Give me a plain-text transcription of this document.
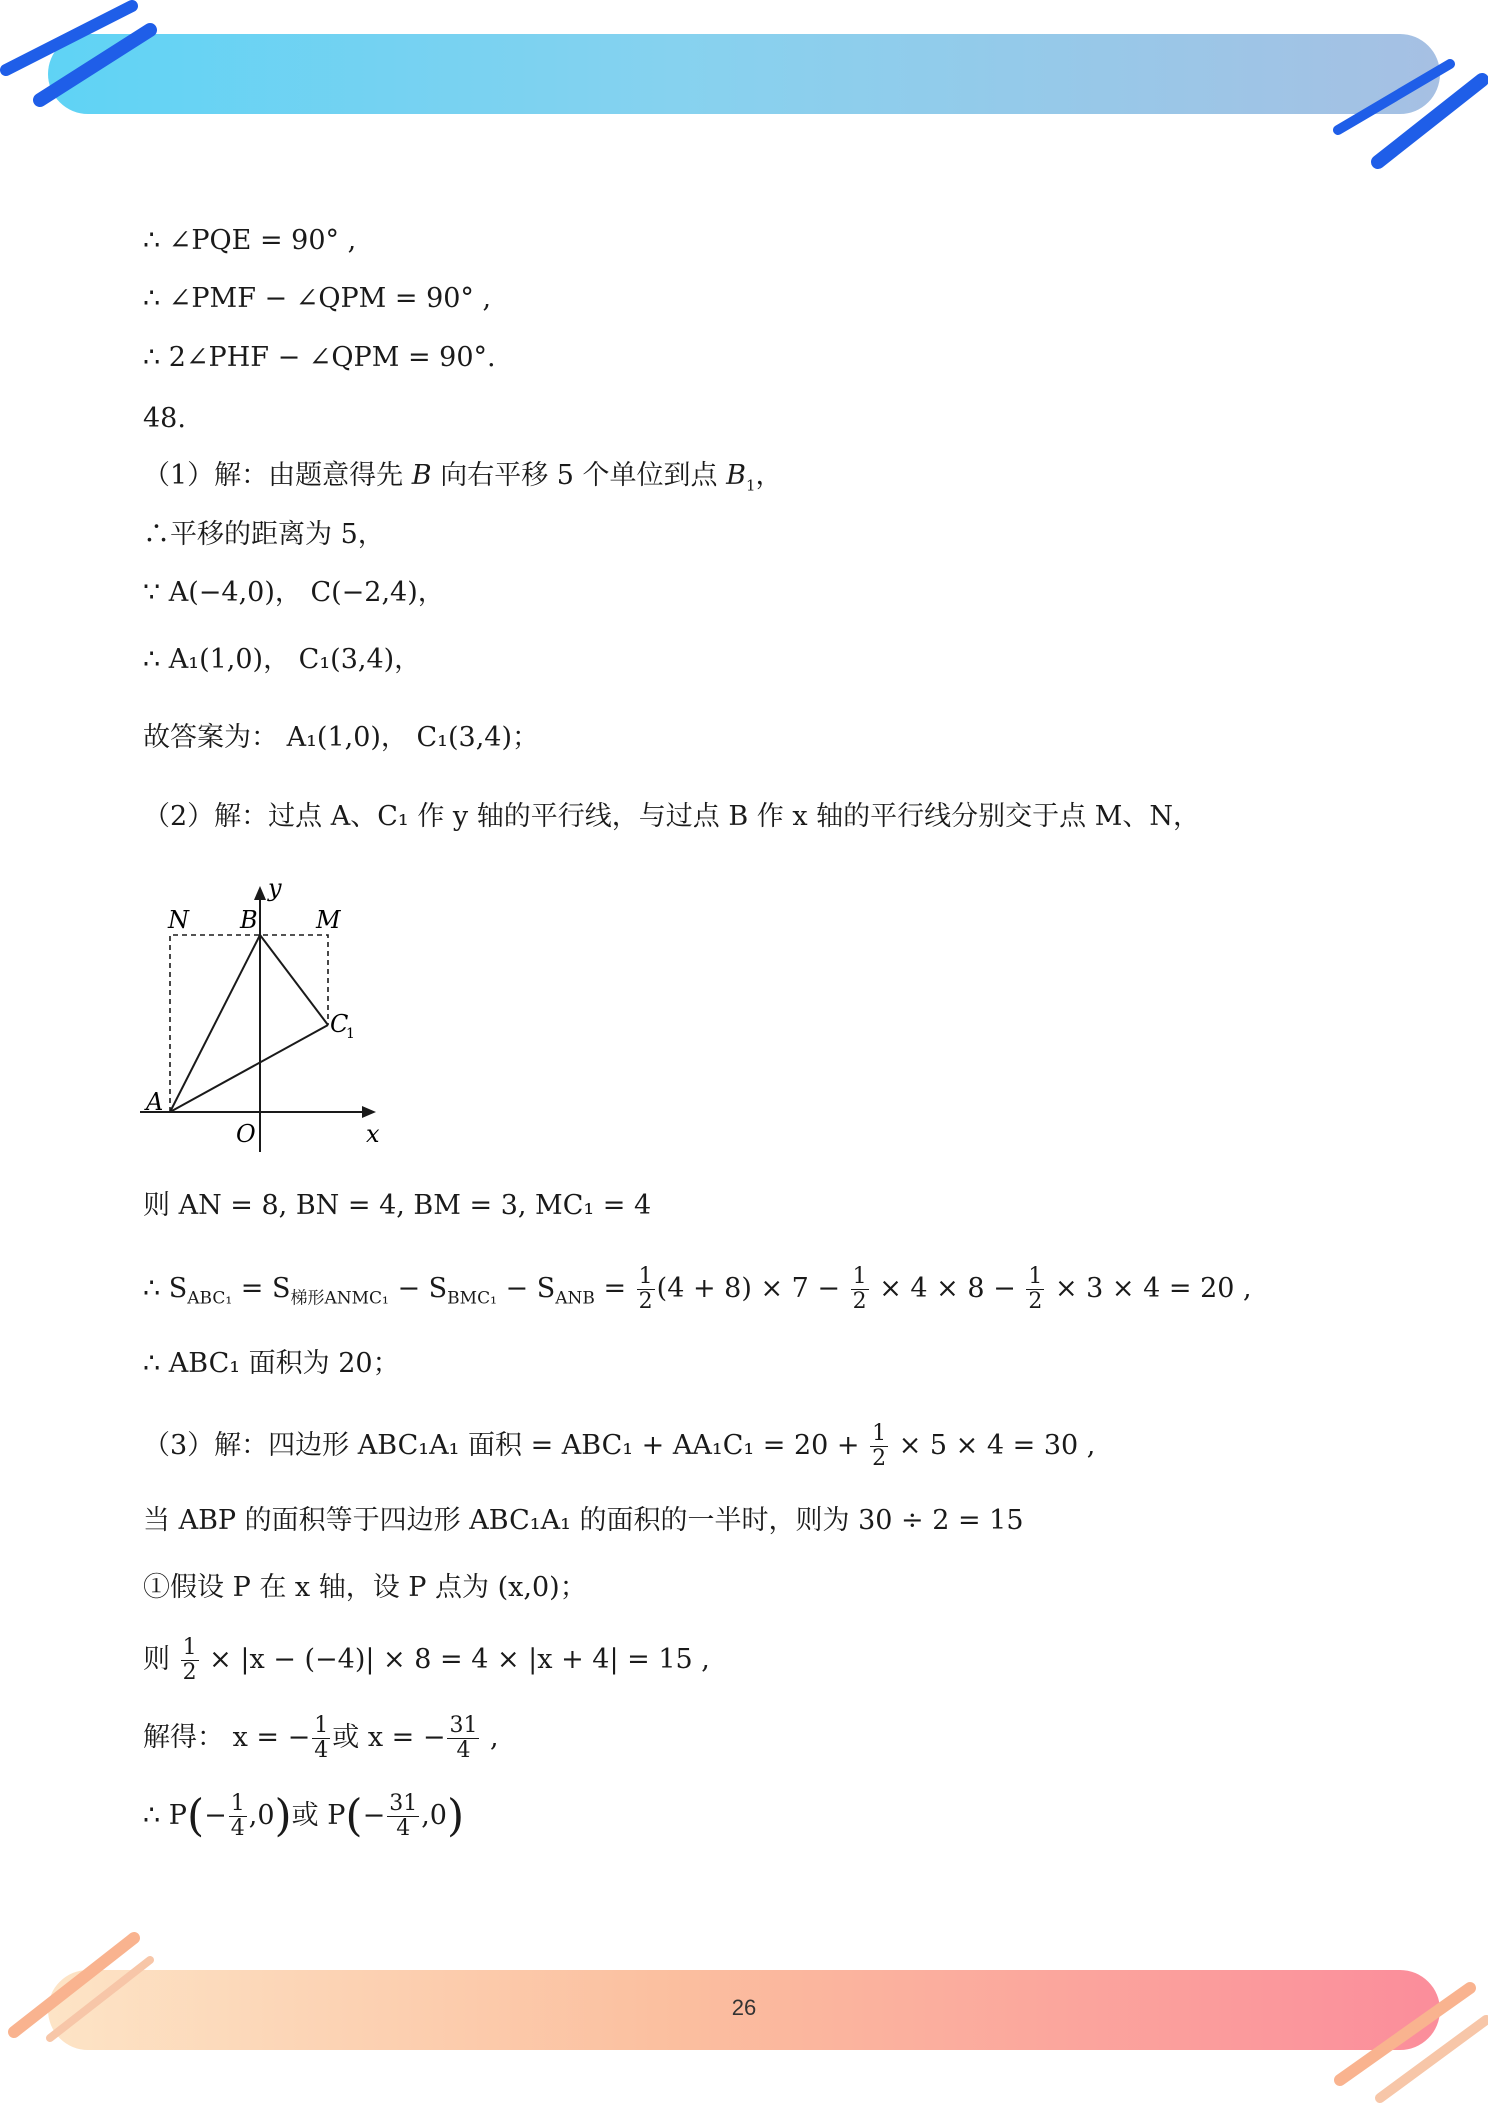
26
∴ ∠PQE = 90° ,
∴ ∠PMF − ∠QPM = 90° ,
∴ 2∠PHF − ∠QPM = 90°.
48.
（1）解：由题意得先 B 向右平移 5 个单位到点 $B_1$，
∴平移的距离为 5，
∵ A(−4,0)， C(−2,4)，
∴ A₁(1,0)， C₁(3,4)，
故答案为： A₁(1,0)， C₁(3,4)；
（2）解：过点 A、C₁ 作 y 轴的平行线，与过点 B 作 x 轴的平行线分别交于点 M、N，
y
x
N B M
C
1
A
O
则 AN = 8, BN = 4, BM = 3, MC₁ = 4
∴ $S_{ABC_1} = S_{梯形ANMC_1} - S_{BMC_1} - S_{ANB} = \frac{1}{2} (4 + 8) \times 7 - \frac{1}{2} \times 4 \times 8 - \frac{1}{2} \times 3 \times 4 = 20$ ,
∴ ABC₁ 面积为 20；
（3）解：四边形 ABC₁A₁ 面积 = $ABC_1 + AA_1C_1 = 20 + \frac{1}{2} \times 5 \times 4 = 30$ ,
当 ABP 的面积等于四边形 ABC₁A₁ 的面积的一半时，则为 30 ÷ 2 = 15
①假设 P 在 x 轴，设 P 点为 (x,0)；
则 $\frac{1}{2} \times |x - (-4)| \times 8 = 4 \times |x + 4| = 15$ ,
解得： x = − $\frac{1}{4}$ 或 x = − $\frac{31}{4}$ ,
∴ $P(- \frac{1}{4} ,0)$或 $P(- \frac{31}{4} ,0)$
